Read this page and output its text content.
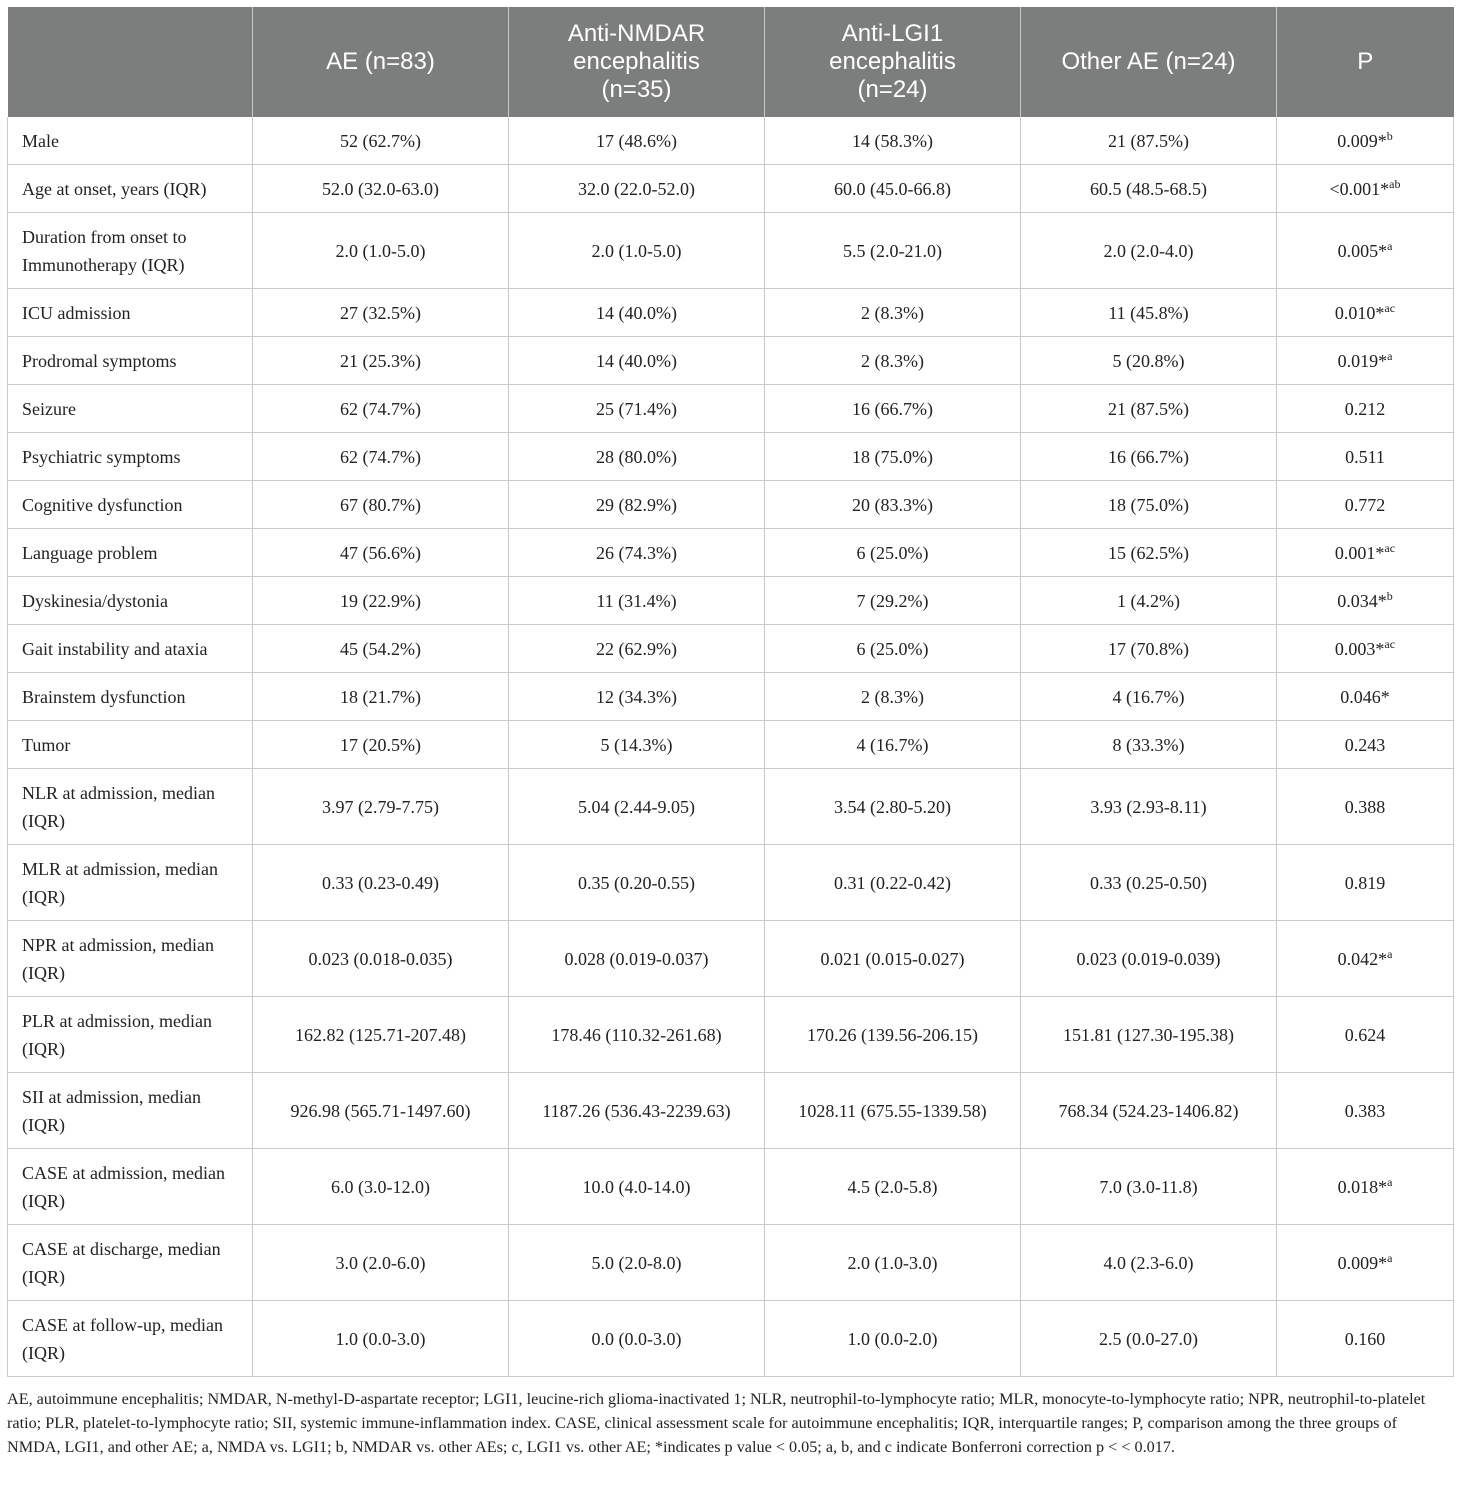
	AE (n=83)	Anti-NMDAR encephalitis (n=35)	Anti-LGI1 encephalitis (n=24)	Other AE (n=24)	P
Male	52 (62.7%)	17 (48.6%)	14 (58.3%)	21 (87.5%)	0.009*$^b$
Age at onset, years (IQR)	52.0 (32.0-63.0)	32.0 (22.0-52.0)	60.0 (45.0-66.8)	60.5 (48.5-68.5)	<0.001*$^{ab}$
Duration from onset to Immunotherapy (IQR)	2.0 (1.0-5.0)	2.0 (1.0-5.0)	5.5 (2.0-21.0)	2.0 (2.0-4.0)	0.005*$^a$
ICU admission	27 (32.5%)	14 (40.0%)	2 (8.3%)	11 (45.8%)	0.010*$^{ac}$
Prodromal symptoms	21 (25.3%)	14 (40.0%)	2 (8.3%)	5 (20.8%)	0.019*$^a$
Seizure	62 (74.7%)	25 (71.4%)	16 (66.7%)	21 (87.5%)	0.212
Psychiatric symptoms	62 (74.7%)	28 (80.0%)	18 (75.0%)	16 (66.7%)	0.511
Cognitive dysfunction	67 (80.7%)	29 (82.9%)	20 (83.3%)	18 (75.0%)	0.772
Language problem	47 (56.6%)	26 (74.3%)	6 (25.0%)	15 (62.5%)	0.001*$^{ac}$
Dyskinesia/dystonia	19 (22.9%)	11 (31.4%)	7 (29.2%)	1 (4.2%)	0.034*$^b$
Gait instability and ataxia	45 (54.2%)	22 (62.9%)	6 (25.0%)	17 (70.8%)	0.003*$^{ac}$
Brainstem dysfunction	18 (21.7%)	12 (34.3%)	2 (8.3%)	4 (16.7%)	0.046*
Tumor	17 (20.5%)	5 (14.3%)	4 (16.7%)	8 (33.3%)	0.243
NLR at admission, median (IQR)	3.97 (2.79-7.75)	5.04 (2.44-9.05)	3.54 (2.80-5.20)	3.93 (2.93-8.11)	0.388
MLR at admission, median (IQR)	0.33 (0.23-0.49)	0.35 (0.20-0.55)	0.31 (0.22-0.42)	0.33 (0.25-0.50)	0.819
NPR at admission, median (IQR)	0.023 (0.018-0.035)	0.028 (0.019-0.037)	0.021 (0.015-0.027)	0.023 (0.019-0.039)	0.042*$^a$
PLR at admission, median (IQR)	162.82 (125.71-207.48)	178.46 (110.32-261.68)	170.26 (139.56-206.15)	151.81 (127.30-195.38)	0.624
SII at admission, median (IQR)	926.98 (565.71-1497.60)	1187.26 (536.43-2239.63)	1028.11 (675.55-1339.58)	768.34 (524.23-1406.82)	0.383
CASE at admission, median (IQR)	6.0 (3.0-12.0)	10.0 (4.0-14.0)	4.5 (2.0-5.8)	7.0 (3.0-11.8)	0.018*$^a$
CASE at discharge, median (IQR)	3.0 (2.0-6.0)	5.0 (2.0-8.0)	2.0 (1.0-3.0)	4.0 (2.3-6.0)	0.009*$^a$
CASE at follow-up, median (IQR)	1.0 (0.0-3.0)	0.0 (0.0-3.0)	1.0 (0.0-2.0)	2.5 (0.0-27.0)	0.160
AE, autoimmune encephalitis; NMDAR, N-methyl-D-aspartate receptor; LGI1, leucine-rich glioma-inactivated 1; NLR, neutrophil-to-lymphocyte ratio; MLR, monocyte-to-lymphocyte ratio; NPR, neutrophil-to-platelet ratio; PLR, platelet-to-lymphocyte ratio; SII, systemic immune-inflammation index. CASE, clinical assessment scale for autoimmune encephalitis; IQR, interquartile ranges; P, comparison among the three groups of NMDA, LGI1, and other AE; a, NMDA vs. LGI1; b, NMDAR vs. other AEs; c, LGI1 vs. other AE; *indicates p value < 0.05; a, b, and c indicate Bonferroni correction p < < 0.017.
